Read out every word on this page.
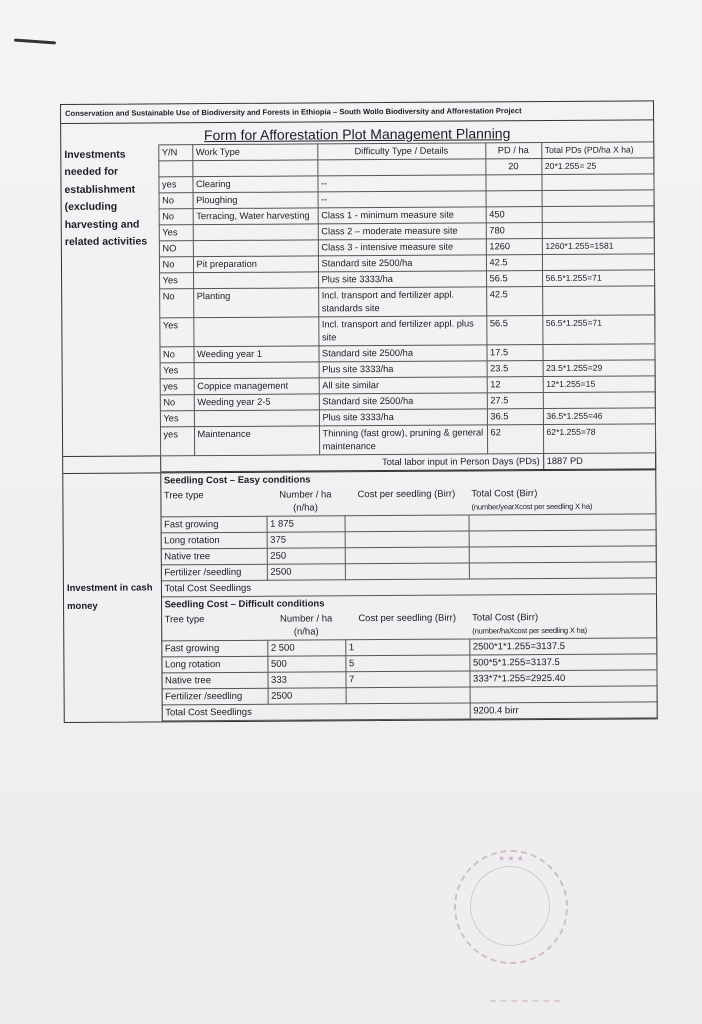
Conservation and Sustainable Use of Biodiversity and Forests in Ethiopia – South Wollo Biodiversity and Afforestation Project
Form for Afforestation Plot Management Planning
Investments needed for establishment (excluding harvesting and related activities	Y/N	Work Type	Difficulty Type / Details	PD / ha	Total PDs (PD/ha X ha)
				20	20*1.255= 25
	yes	Clearing	--		
	No	Ploughing	--		
	No	Terracing, Water harvesting	Class 1 - minimum measure site	450	
	Yes		Class 2 – moderate measure site	780	
	NO		Class 3 - intensive measure site	1260	1260*1.255=1581
	No	Pit preparation	Standard site 2500/ha	42.5	
	Yes		Plus site 3333/ha	56.5	56.5*1.255=71
	No	Planting	Incl. transport and fertilizer appl. standards site	42.5	
	Yes		Incl. transport and fertilizer appl. plus site	56.5	56.5*1.255=71
	No	Weeding year 1	Standard site 2500/ha	17.5	
	Yes		Plus site 3333/ha	23.5	23.5*1.255=29
	yes	Coppice management	All site similar	12	12*1.255=15
	No	Weeding year 2-5	Standard site 2500/ha	27.5	
	Yes		Plus site 3333/ha	36.5	36.5*1.255=46
	yes	Maintenance	Thinning (fast grow), pruning & general maintenance	62	62*1.255=78
	Total labor input in Person Days (PDs)				1887 PD
Investment in cash money	Seedling Cost – Easy conditions			
	Tree type	Number / ha (n/ha)	Cost per seedling (Birr)	Total Cost (Birr)
(number/yearXcost per seedling X ha)

	Fast growing	1 875		
	Long rotation	375		
	Native tree	250		
	Fertilizer /seedling	2500		
	Total Cost Seedlings			
	Seedling Cost – Difficult conditions			
	Tree type	Number / ha (n/ha)	Cost per seedling (Birr)	Total Cost (Birr)
(number/haXcost per seedling X ha)

	Fast growing	2 500	1	2500*1*1.255=3137.5
	Long rotation	500	5	500*5*1.255=3137.5
	Native tree	333	7	333*7*1.255=2925.40
	Fertilizer /seedling	2500		
	Total Cost Seedlings			9200.4 birr
★ ★ ★
